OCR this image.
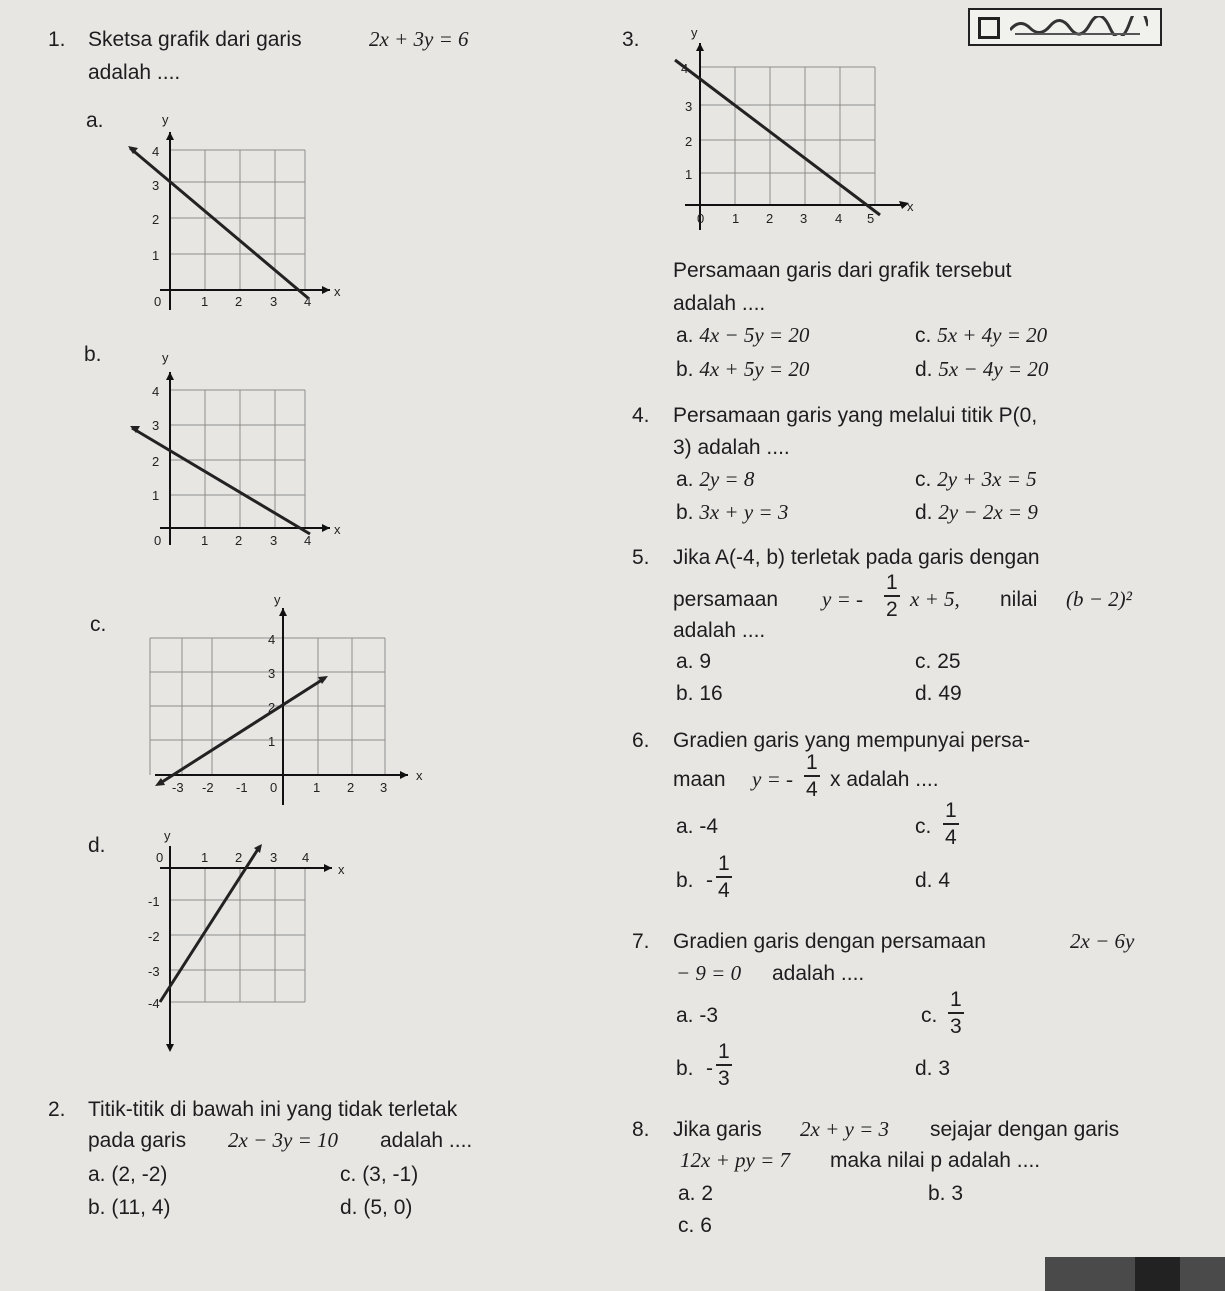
1. Sketsa grafik dari garis	2x + 3y = 6
adalah ....
a.
b.
c.
d.
y
x
4
3
2
1
0	1 2 3 4
y
x
4
3
2
1
0	1 2 3 4
y
x
4
3
2
1
-3 -2 -1 0	1 2 3
y
x
-1
-2
-3
-4
0	1 2 3 4
2. Titik-titik di bawah ini yang tidak terletak
pada garis 2x − 3y = 10 adalah ....
a. (2, -2)	c. (3, -1)
b. (11, 4)	d. (5, 0)
3.	y
x
4
3
2
1
0 1 2 3 4 5
Persamaan garis dari grafik tersebut
adalah ....
a. 4x − 5y = 20	c. 5x + 4y = 20
b. 4x + 5y = 20	d. 5x − 4y = 20
4. Persamaan garis yang melalui titik P(0,
3) adalah ....
a. 2y = 8	c. 2y + 3x = 5
b. 3x + y = 3	d. 2y − 2x = 9
5. Jika A(-4, b) terletak pada garis dengan
persamaan y = - $\frac{1}{2}$ x + 5, nilai (b − 2)²
adalah ....
a. 9	c. 25
b. 16	d. 49
6. Gradien garis yang mempunyai persa-
maan y = - $\frac{1}{4}$ x adalah ....
a. -4	c. $\frac{1}{4}$
b. - $\frac{1}{4}$	d. 4
7. Gradien garis dengan persamaan	2x − 6y
− 9 = 0 adalah ....
a. -3	c. $\frac{1}{3}$
b. - $\frac{1}{3}$	d. 3
8. Jika garis 2x + y = 3 sejajar dengan garis
12x + py = 7 maka nilai p adalah ....
a. 2	b. 3
c. 6
